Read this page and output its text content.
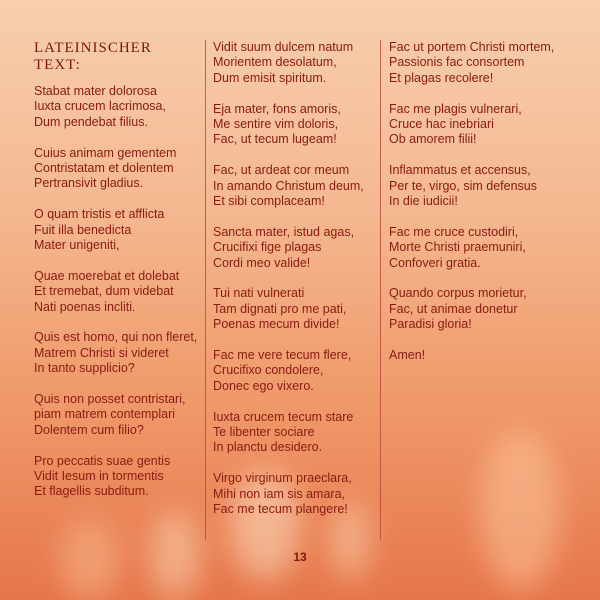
LATEINISCHER
TEXT:
Stabat mater dolorosa
Iuxta crucem lacrimosa,
Dum pendebat filius.
Cuius animam gementem
Contristatam et dolentem
Pertransivit gladius.
O quam tristis et afflicta
Fuit illa benedicta
Mater unigeniti,
Quae moerebat et dolebat
Et tremebat, dum videbat
Nati poenas incliti.
Quis est homo, qui non fleret,
Matrem Christi si videret
In tanto supplicio?
Quis non posset contristari,
piam matrem contemplari
Dolentem cum filio?
Pro peccatis suae gentis
Vidit Iesum in tormentis
Et flagellis subditum.
Vidit suum dulcem natum
Morientem desolatum,
Dum emisit spiritum.
Eja mater, fons amoris,
Me sentire vim doloris,
Fac, ut tecum lugeam!
Fac, ut ardeat cor meum
In amando Christum deum,
Et sibi complaceam!
Sancta mater, istud agas,
Crucifixi fige plagas
Cordi meo valide!
Tui nati vulnerati
Tam dignati pro me pati,
Poenas mecum divide!
Fac me vere tecum flere,
Crucifixo condolere,
Donec ego vixero.
Iuxta crucem tecum stare
Te libenter sociare
In planctu desidero.
Virgo virginum praeclara,
Mihi non iam sis amara,
Fac me tecum plangere!
Fac ut portem Christi mortem,
Passionis fac consortem
Et plagas recolere!
Fac me plagis vulnerari,
Cruce hac inebriari
Ob amorem filii!
Inflammatus et accensus,
Per te, virgo, sim defensus
In die iudicii!
Fac me cruce custodiri,
Morte Christi praemuniri,
Confoveri gratia.
Quando corpus morietur,
Fac, ut animae donetur
Paradisi gloria!
Amen!
13
